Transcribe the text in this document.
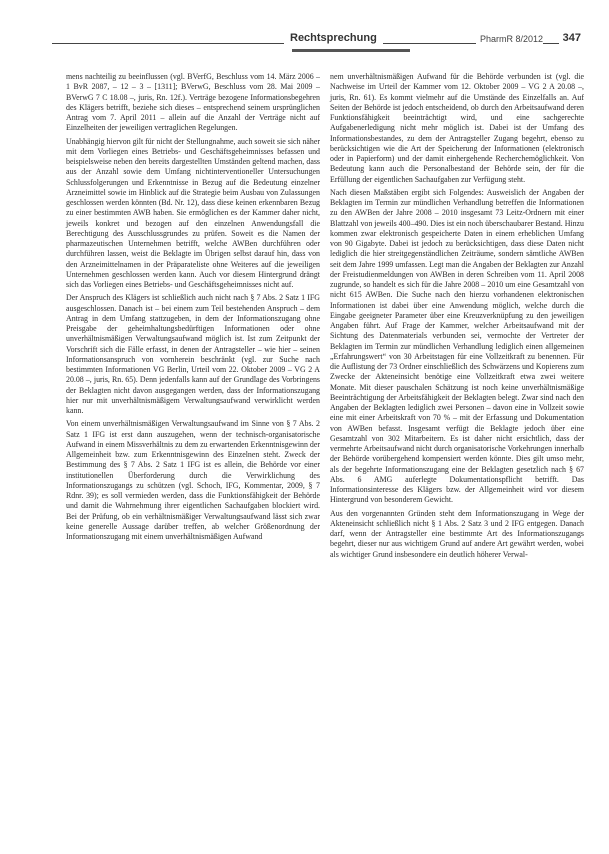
Rechtsprechung	PharmR 8/2012	347

mens nachteilig zu beeinflussen (vgl. BVerfG, Beschluss vom 14. März 2006 – 1 BvR 2087, – 12 – 3 – [1311]; BVerwG, Beschluss vom 28. Mai 2009 – BVerwG 7 C 18.08 –, juris, Rn. 12f.). Verträge bezogene Informationsbegehren des Klägers betrifft, beziehe sich dieses – entsprechend seinem ursprünglichen Antrag vom 7. April 2011 – allein auf die Anzahl der Verträge nicht auf Einzelheiten der jeweiligen vertraglichen Regelungen.

Unabhängig hiervon gilt für nicht der Stellungnahme, auch soweit sie sich näher mit dem Vorliegen eines Betriebs- und Geschäftsgeheimnisses befassen und beispielsweise neben den bereits dargestellten Umständen geltend machen, dass aus der Anzahl sowie dem Umfang nichtinterventioneller Untersuchungen Schlussfolgerungen und Erkenntnisse in Bezug auf die Bedeutung einzelner Arzneimittel sowie im Hinblick auf die Strategie beim Ausbau von Zulassungen geschlossen werden könnten (Bd. Nr. 12), dass diese keinen erkennbaren Bezug zu einer bestimmten AWB haben. Sie ermöglichen es der Kammer daher nicht, jeweils konkret und bezogen auf den einzelnen Anwendungsfall die Berechtigung des Ausschlussgrundes zu prüfen. Soweit es die Namen der pharmazeutischen Unternehmen betrifft, welche AWBen durchführen oder durchführen lassen, weist die Beklagte im Übrigen selbst darauf hin, dass von den Arzneimittelnamen in der Präparateliste ohne Weiteres auf die jeweiligen Unternehmen geschlossen werden kann. Auch vor diesem Hintergrund drängt sich das Vorliegen eines Betriebs- und Geschäftsgeheimnisses nicht auf.

Der Anspruch des Klägers ist schließlich auch nicht nach § 7 Abs. 2 Satz 1 IFG ausgeschlossen. Danach ist – bei einem zum Teil bestehenden Anspruch – dem Antrag in dem Umfang stattzugeben, in dem der Informationszugang ohne Preisgabe der geheimhaltungsbedürftigen Informationen oder ohne unverhältnismäßigen Verwaltungsaufwand möglich ist. Ist zum Zeitpunkt der Vorschrift sich die Fälle erfasst, in denen der Antragsteller – wie hier – seinen Informationsanspruch von vornherein beschränkt (vgl. zur Suche nach bestimmten Informationen VG Berlin, Urteil vom 22. Oktober 2009 – VG 2 A 20.08 –, juris, Rn. 65). Denn jedenfalls kann auf der Grundlage des Vorbringens der Beklagten nicht davon ausgegangen werden, dass der Informationszugang hier nur mit unverhältnismäßigem Verwaltungsaufwand verwirklicht werden kann.

Von einem unverhältnismäßigen Verwaltungsaufwand im Sinne von § 7 Abs. 2 Satz 1 IFG ist erst dann auszugehen, wenn der technisch-organisatorische Aufwand in einem Missverhältnis zu dem zu erwartenden Erkenntnisgewinn der Allgemeinheit bzw. zum Erkenntnisgewinn des Einzelnen steht. Zweck der Bestimmung des § 7 Abs. 2 Satz 1 IFG ist es allein, die Behörde vor einer institutionellen Überforderung durch die Verwirklichung des Informationszugangs zu schützen (vgl. Schoch, IFG, Kommentar, 2009, § 7 Rdnr. 39); es soll vermieden werden, dass die Funktionsfähigkeit der Behörde und damit die Wahrnehmung ihrer eigentlichen Sachaufgaben blockiert wird. Bei der Prüfung, ob ein verhältnismäßiger Verwaltungsaufwand lässt sich zwar keine generelle Aussage darüber treffen, ab welcher Größenordnung der Informationszugang mit einem unverhältnismäßigen Aufwand

nem unverhältnismäßigen Aufwand für die Behörde verbunden ist (vgl. die Nachweise im Urteil der Kammer vom 12. Oktober 2009 – VG 2 A 20.08 –, juris, Rn. 61). Es kommt vielmehr auf die Umstände des Einzelfalls an. Auf Seiten der Behörde ist jedoch entscheidend, ob durch den Arbeitsaufwand deren Funktionsfähigkeit beeinträchtigt wird, und eine sachgerechte Aufgabenerledigung nicht mehr möglich ist. Dabei ist der Umfang des Informationsbestandes, zu dem der Antragsteller Zugang begehrt, ebenso zu berücksichtigen wie die Art der Speicherung der Informationen (elektronisch oder in Papierform) und der damit einhergehende Recherchemöglichkeit. Von Bedeutung kann auch die Personalbestand der Behörde sein, der für die Erfüllung der eigentlichen Sachaufgaben zur Verfügung steht.

Nach diesen Maßstäben ergibt sich Folgendes: Ausweislich der Angaben der Beklagten im Termin zur mündlichen Verhandlung betreffen die Informationen zu den AWBen der Jahre 2008 – 2010 insgesamt 73 Leitz-Ordnern mit einer Blattzahl von jeweils 400–490. Dies ist ein noch überschaubarer Bestand. Hinzu kommen zwar elektronisch gespeicherte Daten in einem erheblichen Umfang von 90 Gigabyte. Dabei ist jedoch zu berücksichtigen, dass diese Daten nicht lediglich die hier streitgegenständlichen Zeiträume, sondern sämtliche AWBen seit dem Jahre 1999 umfassen. Legt man die Angaben der Beklagten zur Anzahl der Freistudienmeldungen von AWBen in deren Schreiben vom 11. April 2008 zugrunde, so handelt es sich für die Jahre 2008 – 2010 um eine Gesamtzahl von nicht 615 AWBen. Die Suche nach den hierzu vorhandenen elektronischen Informationen ist dabei über eine Anwendung möglich, welche durch die Eingabe geeigneter Parameter über eine Kreuzverknüpfung zu den jeweiligen Angaben führt. Auf Frage der Kammer, welcher Arbeitsaufwand mit der Sichtung des Datenmaterials verbunden sei, vermochte der Vertreter der Beklagten im Termin zur mündlichen Verhandlung lediglich einen allgemeinen „Erfahrungswert“ von 30 Arbeitstagen für eine Vollzeitkraft zu benennen. Für die Auflistung der 73 Ordner einschließlich des Schwärzens und Kopierens zum Zwecke der Akteneinsicht benötige eine Vollzeitkraft etwa zwei weitere Monate. Mit dieser pauschalen Schätzung ist noch keine unverhältnismäßige Beeinträchtigung der Arbeitsfähigkeit der Beklagten belegt. Zwar sind nach den Angaben der Beklagten lediglich zwei Personen – davon eine in Vollzeit sowie eine mit einer Arbeitskraft von 70 % – mit der Erfassung und Dokumentation von AWBen befasst. Insgesamt verfügt die Beklagte jedoch über eine Gesamtzahl von 302 Mitarbeitern. Es ist daher nicht ersichtlich, dass der vermehrte Arbeitsaufwand nicht durch organisatorische Vorkehrungen innerhalb der Behörde vorübergehend kompensiert werden könnte. Dies gilt umso mehr, als der begehrte Informationszugang eine der Beklagten gesetzlich nach § 67 Abs. 6 AMG auferlegte Dokumentationspflicht betrifft. Das Informationsinteresse des Klägers bzw. der Allgemeinheit wird vor diesem Hintergrund von besonderem Gewicht.

Aus den vorgenannten Gründen steht dem Informationszugang in Wege der Akteneinsicht schließlich nicht § 1 Abs. 2 Satz 3 und 2 IFG entgegen. Danach darf, wenn der Antragsteller eine bestimmte Art des Informationszugangs begehrt, dieser nur aus wichtigem Grund auf andere Art gewährt werden, wobei als wichtiger Grund insbesondere ein deutlich höherer Verwal-
